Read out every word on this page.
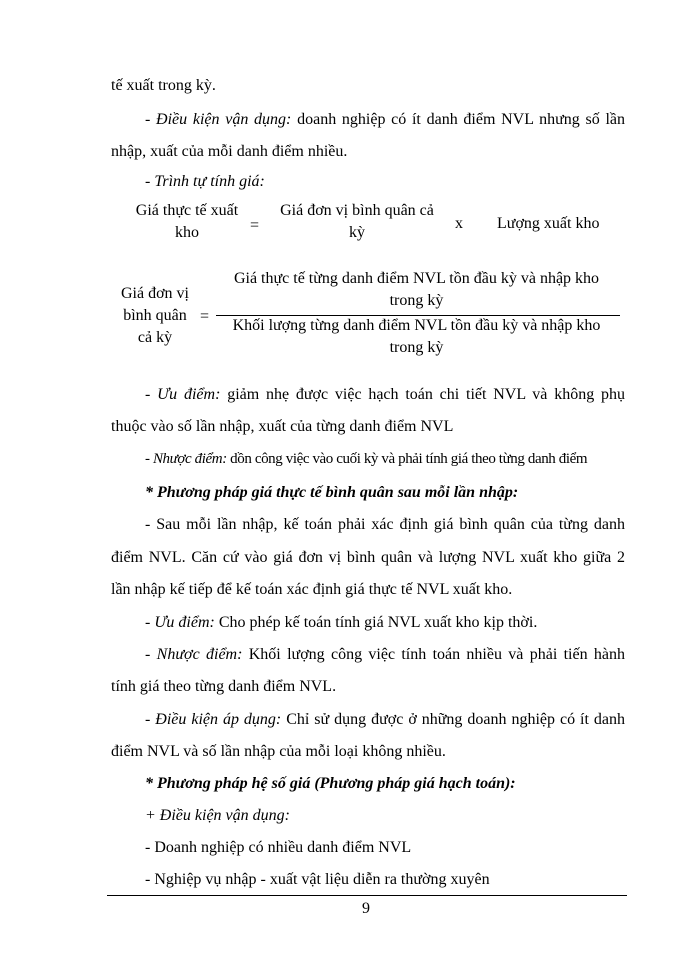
tế xuất trong kỳ.
- Điều kiện vận dụng: doanh nghiệp có ít danh điểm NVL nhưng số lần
nhập, xuất của mỗi danh điểm nhiều.
- Trình tự tính giá:
Giá thực tế xuất
kho	=
Giá đơn vị bình quân cả
kỳ
x Lượng xuất kho
Giá đơn vị
bình quân
cả kỳ
=
Giá thực tế từng danh điểm NVL tồn đầu kỳ và nhập kho
trong kỳ
Khối lượng từng danh điểm NVL tồn đầu kỳ và nhập kho
trong kỳ
- Ưu điểm: giảm nhẹ được việc hạch toán chi tiết NVL và không phụ
thuộc vào số lần nhập, xuất của từng danh điểm NVL
- Nhược điểm: dồn công việc vào cuối kỳ và phải tính giá theo từng danh điểm
* Phương pháp giá thực tế bình quân sau mỗi lần nhập:
- Sau mỗi lần nhập, kế toán phải xác định giá bình quân của từng danh
điểm NVL. Căn cứ vào giá đơn vị bình quân và lượng NVL xuất kho giữa 2
lần nhập kế tiếp để kế toán xác định giá thực tế NVL xuất kho.
- Ưu điểm: Cho phép kế toán tính giá NVL xuất kho kịp thời.
- Nhược điểm: Khối lượng công việc tính toán nhiều và phải tiến hành
tính giá theo từng danh điểm NVL.
- Điều kiện áp dụng: Chỉ sử dụng được ở những doanh nghiệp có ít danh
điểm NVL và số lần nhập của mỗi loại không nhiều.
* Phương pháp hệ số giá (Phương pháp giá hạch toán):
+ Điều kiện vận dụng:
- Doanh nghiệp có nhiều danh điểm NVL
- Nghiệp vụ nhập - xuất vật liệu diễn ra thường xuyên
9
